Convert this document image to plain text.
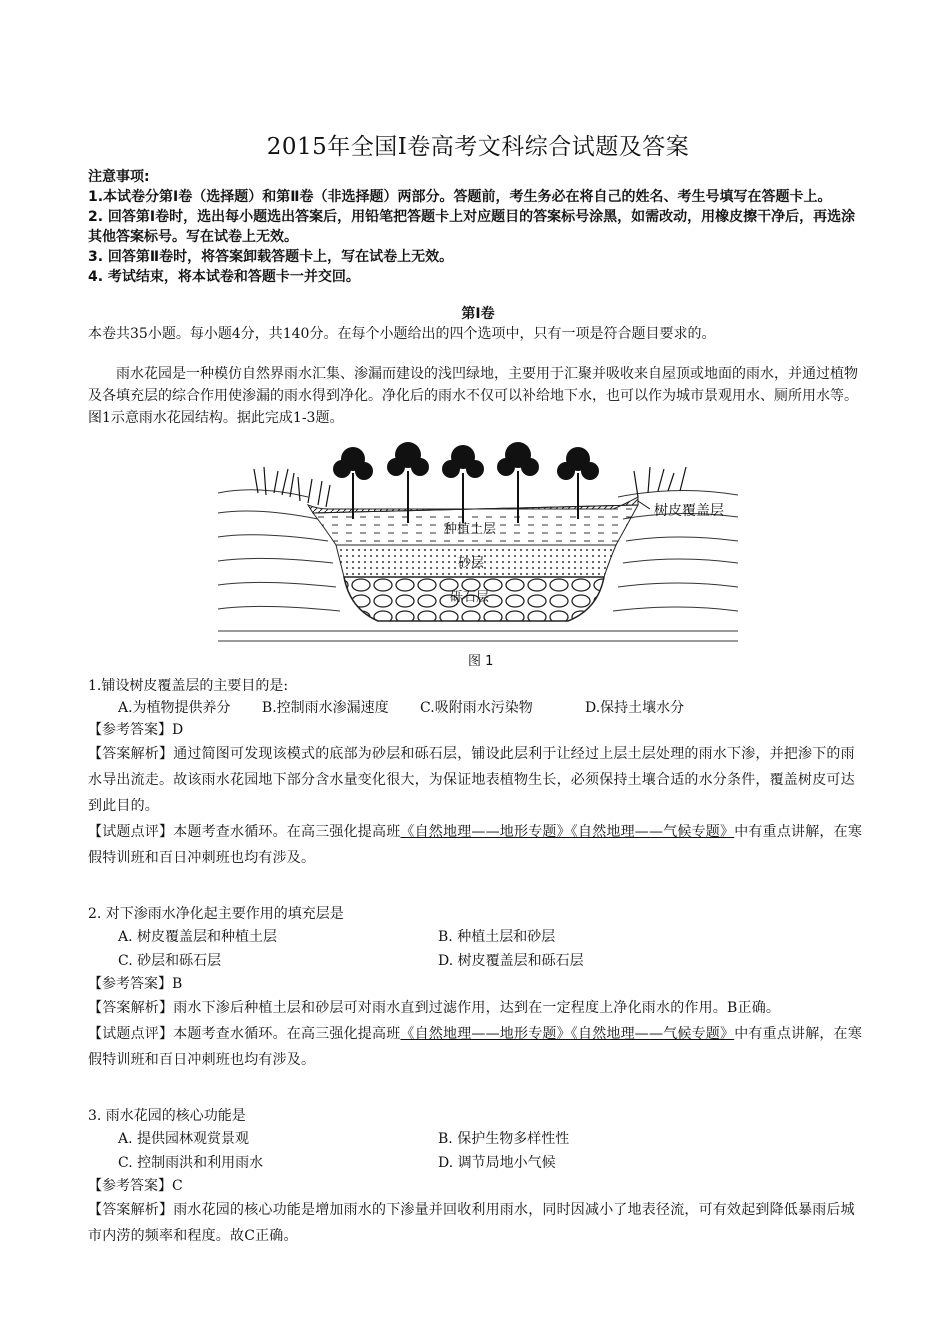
2015年全国Ⅰ卷高考文科综合试题及答案
注意事项:
1.本试卷分第Ⅰ卷（选择题）和第Ⅱ卷（非选择题）两部分。答题前，考生务必在将自己的姓名、考生号填写在答题卡上。
2. 回答第Ⅰ卷时，选出每小题选出答案后，用铅笔把答题卡上对应题目的答案标号涂黑，如需改动，用橡皮擦干净后，再选涂其他答案标号。写在试卷上无效。
3. 回答第Ⅱ卷时，将答案卸载答题卡上，写在试卷上无效。
4. 考试结束，将本试卷和答题卡一并交回。
第Ⅰ卷

本卷共35小题。每小题4分，共140分。在每个小题给出的四个选项中，只有一项是符合题目要求的。

雨水花园是一种模仿自然界雨水汇集、渗漏而建设的浅凹绿地，主要用于汇聚并吸收来自屋顶或地面的雨水，并通过植物及各填充层的综合作用使渗漏的雨水得到净化。净化后的雨水不仅可以补给地下水，也可以作为城市景观用水、厕所用水等。图1示意雨水花园结构。据此完成1-3题。

树皮覆盖层
种植土层
砂层
砾石层
图 1
1.铺设树皮覆盖层的主要目的是:
A.为植物提供养分 B.控制雨水渗漏速度 C.吸附雨水污染物	D.保持土壤水分
【参考答案】D
【答案解析】通过简图可发现该模式的底部为砂层和砾石层，铺设此层利于让经过上层土层处理的雨水下渗，并把渗下的雨水导出流走。故该雨水花园地下部分含水量变化很大，为保证地表植物生长，必须保持土壤合适的水分条件，覆盖树皮可达到此目的。
【试题点评】本题考查水循环。在高三强化提高班《自然地理——地形专题》《自然地理——气候专题》中有重点讲解，在寒假特训班和百日冲刺班也均有涉及。
2. 对下渗雨水净化起主要作用的填充层是
A. 树皮覆盖层和种植土层	B. 种植土层和砂层
C. 砂层和砾石层	D. 树皮覆盖层和砾石层
【参考答案】B
【答案解析】雨水下渗后种植土层和砂层可对雨水直到过滤作用，达到在一定程度上净化雨水的作用。B正确。
【试题点评】本题考查水循环。在高三强化提高班《自然地理——地形专题》《自然地理——气候专题》中有重点讲解，在寒假特训班和百日冲刺班也均有涉及。
3. 雨水花园的核心功能是
A. 提供园林观赏景观	B. 保护生物多样性性
C. 控制雨洪和利用雨水	D. 调节局地小气候
【参考答案】C
【答案解析】雨水花园的核心功能是增加雨水的下渗量并回收利用雨水，同时因减小了地表径流，可有效起到降低暴雨后城市内涝的频率和程度。故C正确。
